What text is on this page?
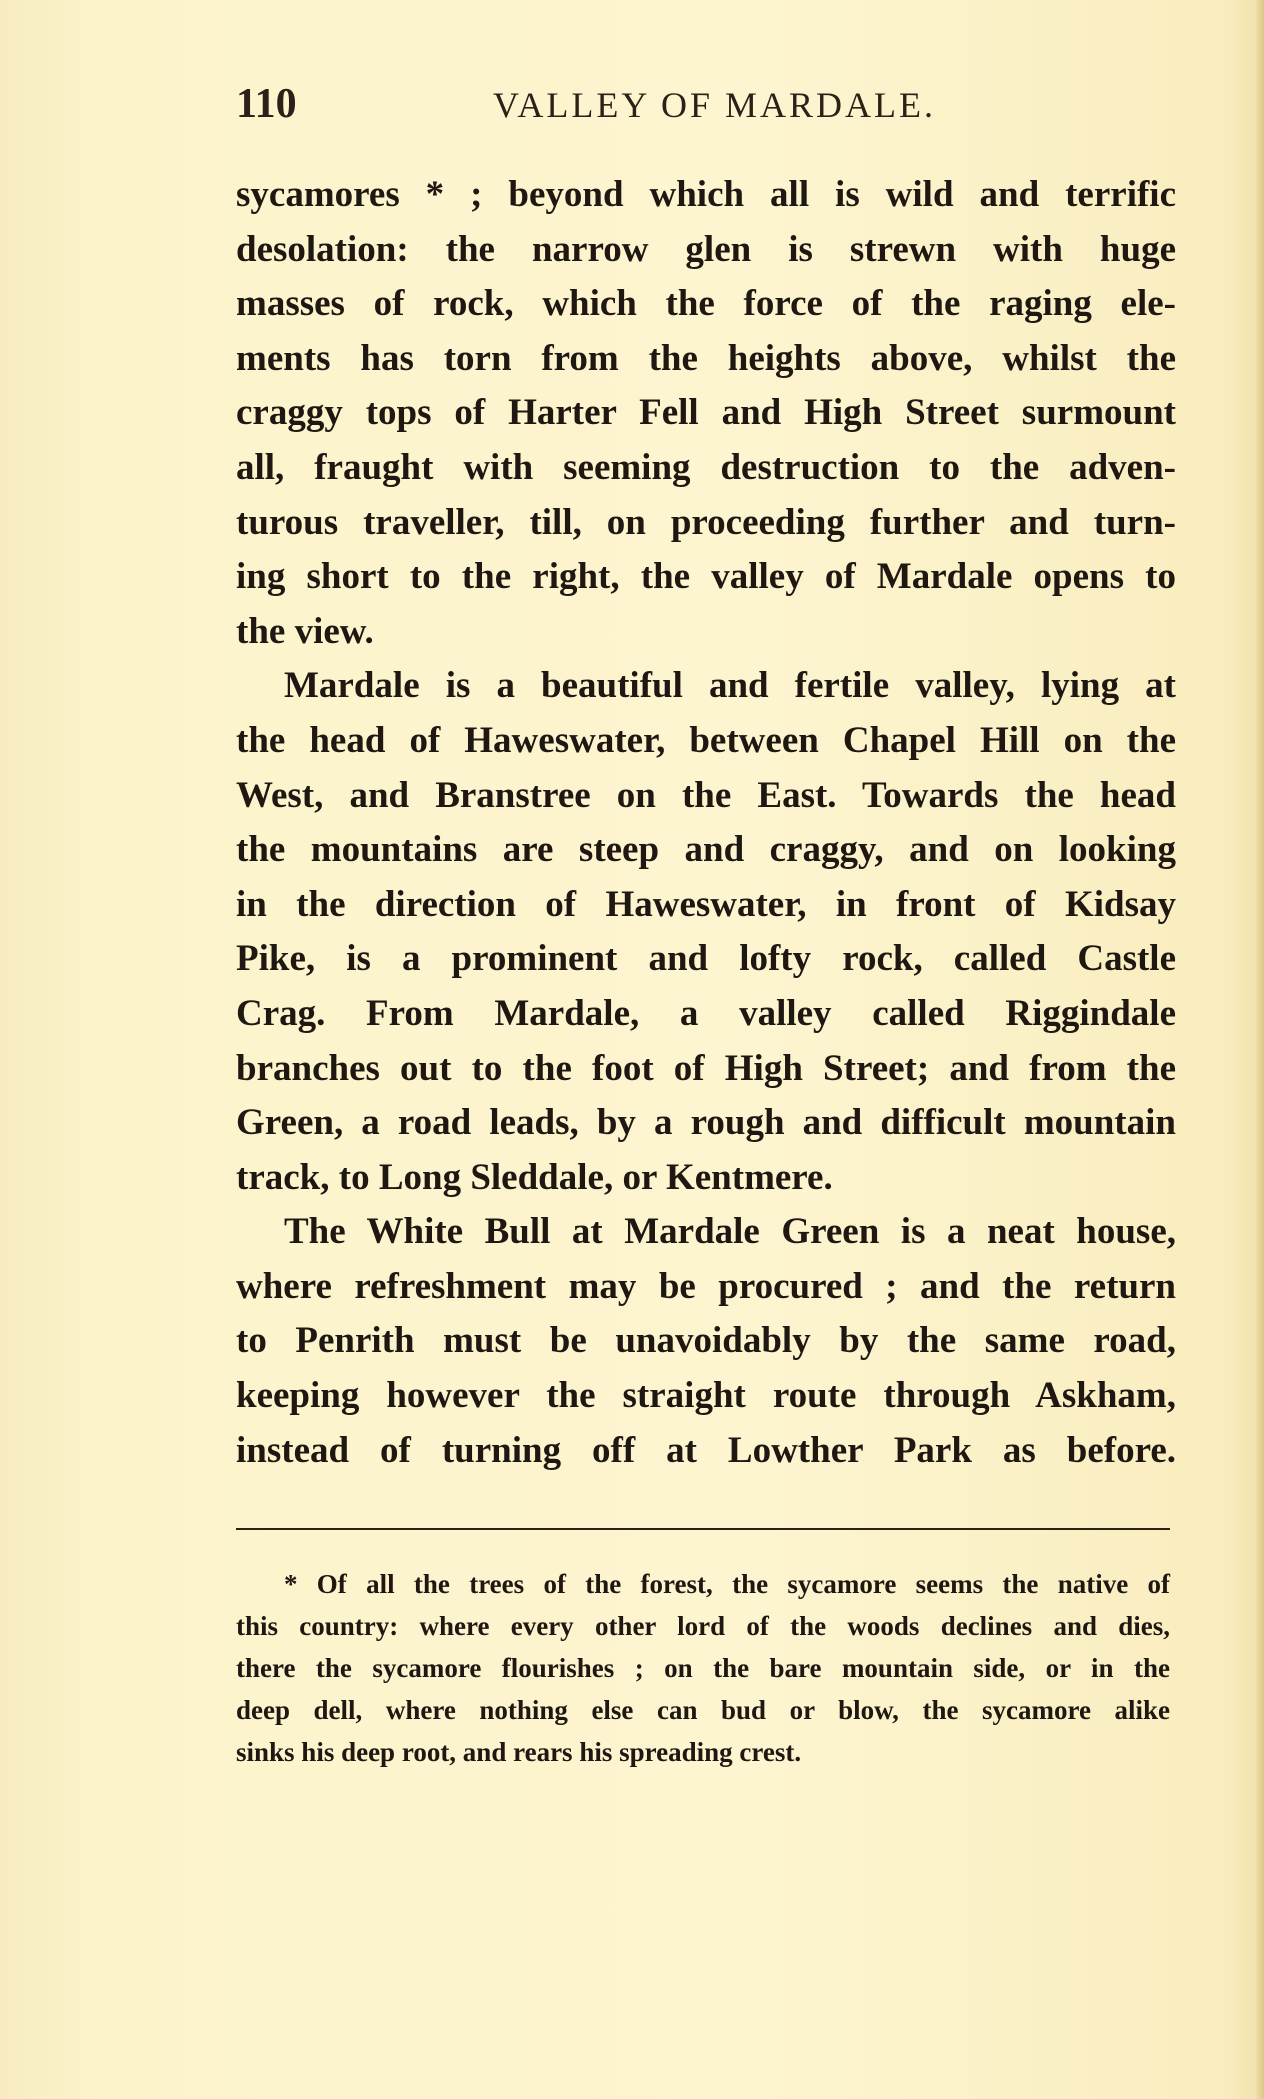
110	VALLEY OF MARDALE.
sycamores * ; beyond which all is wild and terrific
desolation: the narrow glen is strewn with huge
masses of rock, which the force of the raging ele-
ments has torn from the heights above, whilst the
craggy tops of Harter Fell and High Street surmount
all, fraught with seeming destruction to the adven-
turous traveller, till, on proceeding further and turn-
ing short to the right, the valley of Mardale opens to
the view.
Mardale is a beautiful and fertile valley, lying at
the head of Haweswater, between Chapel Hill on the
West, and Branstree on the East. Towards the head
the mountains are steep and craggy, and on looking
in the direction of Haweswater, in front of Kidsay
Pike, is a prominent and lofty rock, called Castle
Crag. From Mardale, a valley called Riggindale
branches out to the foot of High Street; and from the
Green, a road leads, by a rough and difficult mountain
track, to Long Sleddale, or Kentmere.
The White Bull at Mardale Green is a neat house,
where refreshment may be procured ; and the return
to Penrith must be unavoidably by the same road,
keeping however the straight route through Askham,
instead of turning off at Lowther Park as before.
* Of all the trees of the forest, the sycamore seems the native of
this country: where every other lord of the woods declines and dies,
there the sycamore flourishes ; on the bare mountain side, or in the
deep dell, where nothing else can bud or blow, the sycamore alike
sinks his deep root, and rears his spreading crest.
